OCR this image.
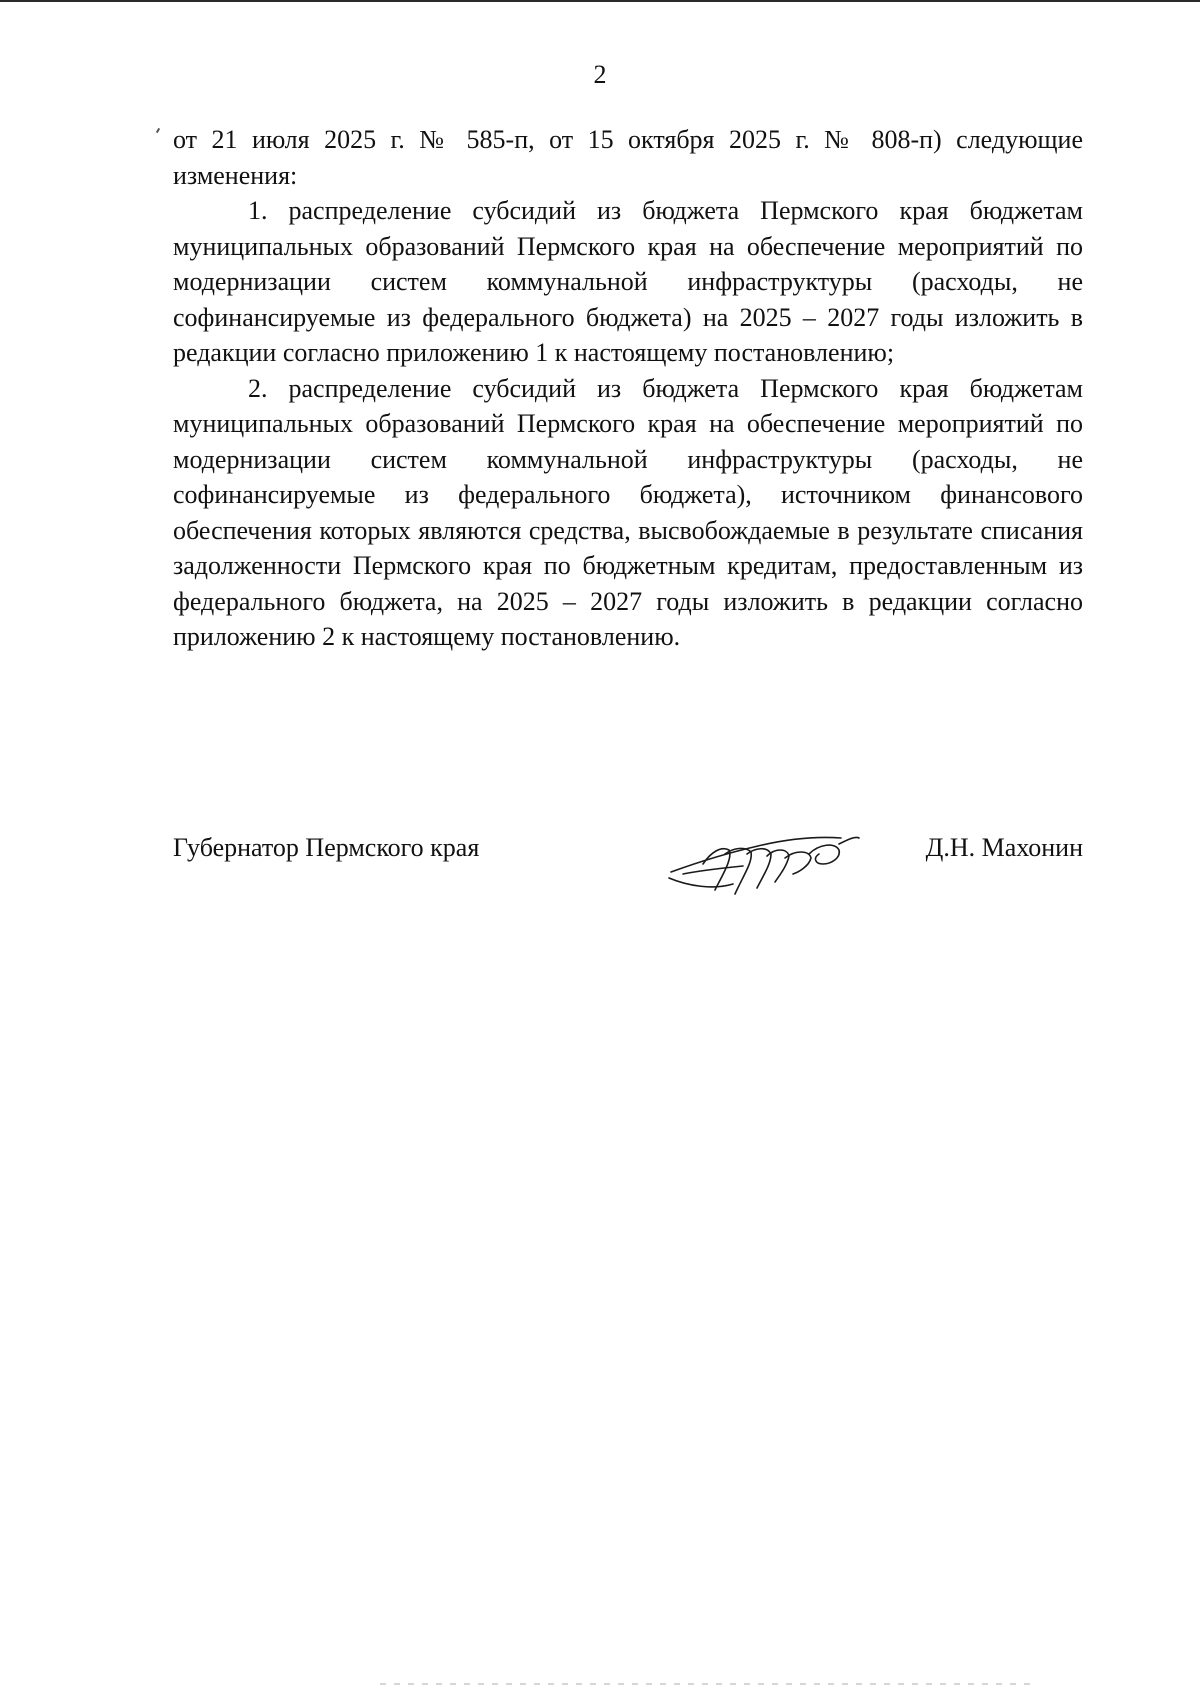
2

от 21 июля 2025 г. № 585-п, от 15 октября 2025 г. № 808-п) следующие изменения:

1. распределение субсидий из бюджета Пермского края бюджетам муниципальных образований Пермского края на обеспечение мероприятий по модернизации систем коммунальной инфраструктуры (расходы, не софинансируемые из федерального бюджета) на 2025 – 2027 годы изложить в редакции согласно приложению 1 к настоящему постановлению;

2. распределение субсидий из бюджета Пермского края бюджетам муниципальных образований Пермского края на обеспечение мероприятий по модернизации систем коммунальной инфраструктуры (расходы, не софинансируемые из федерального бюджета), источником финансового обеспечения которых являются средства, высвобождаемые в результате списания задолженности Пермского края по бюджетным кредитам, предоставленным из федерального бюджета, на 2025 – 2027 годы изложить в редакции согласно приложению 2 к настоящему постановлению.

Губернатор Пермского края	Д.Н. Махонин
